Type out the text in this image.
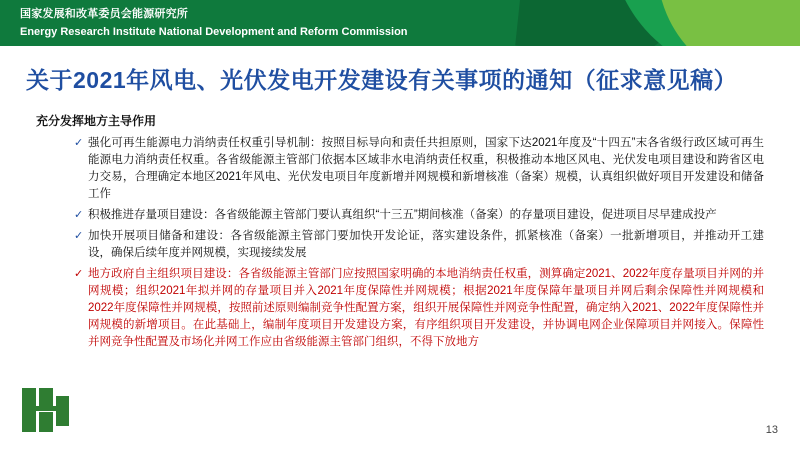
国家发展和改革委员会能源研究所
Energy Research Institute National Development and Reform Commission
关于2021年风电、光伏发电开发建设有关事项的通知（征求意见稿）
充分发挥地方主导作用
✓ 强化可再生能源电力消纳责任权重引导机制：按照目标导向和责任共担原则，国家下达2021年度及“十四五”末各省级行政区域可再生能源电力消纳责任权重。各省级能源主管部门依据本区域非水电消纳责任权重，积极推动本地区风电、光伏发电项目建设和跨省区电力交易，合理确定本地区2021年风电、光伏发电项目年度新增并网规模和新增核准（备案）规模，认真组织做好项目开发建设和储备工作
✓ 积极推进存量项目建设：各省级能源主管部门要认真组织“十三五”期间核准（备案）的存量项目建设，促进项目尽早建成投产
✓ 加快开展项目储备和建设：各省级能源主管部门要加快开发论证，落实建设条件，抓紧核准（备案）一批新增项目，并推动开工建设，确保后续年度并网规模，实现接续发展
✓ 地方政府自主组织项目建设：各省级能源主管部门应按照国家明确的本地消纳责任权重，测算确定2021、2022年度存量项目并网的并网规模；组织2021年拟并网的存量项目并入2021年度保障性并网规模；根据2021年度保障年量项目并网后剩余保障性并网规模和2022年度保障性并网规模，按照前述原则编制竞争性配置方案，组织开展保障性并网竞争性配置，确定纳入2021、2022年度保障性并网规模的新增项目。在此基础上，编制年度项目开发建设方案，有序组织项目开发建设，并协调电网企业保障项目并网接入。保障性并网竞争性配置及市场化并网工作应由省级能源主管部门组织，不得下放地方
13
